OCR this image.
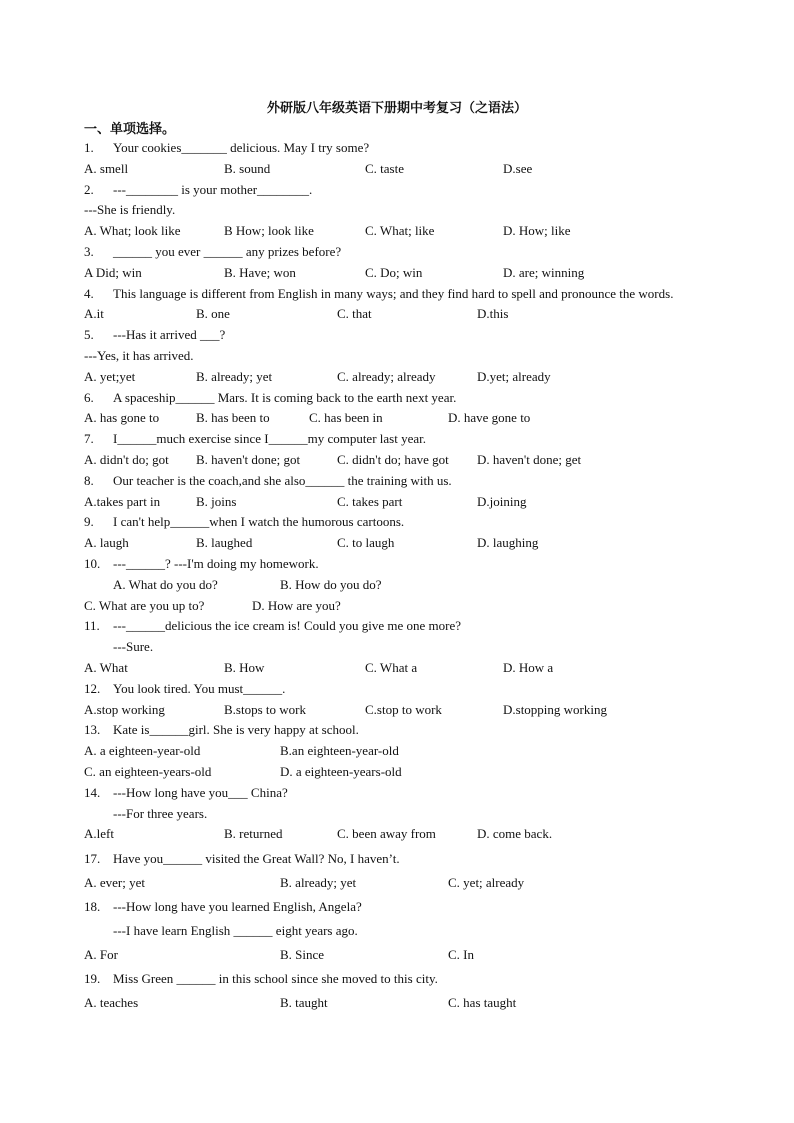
外研版八年级英语下册期中考复习（之语法）
一、单项选择。
1. Your cookies_______ delicious. May I try some?
A. smell	B. sound	C. taste	D.see
2. ---________ is your mother________.
---She is friendly.
A. What; look like	B How; look like	C. What; like	D. How; like
3. ______ you ever ______ any prizes before?
A Did; win	B. Have; won	C. Do; win	D. are; winning
4. This language is different from English in many ways; and they find hard to spell and pronounce the words.
A.it	B. one	C. that	D.this
5. ---Has it arrived ___?
---Yes, it has arrived.
A. yet;yet	B. already; yet	C. already; already	D.yet; already
6. A spaceship______ Mars. It is coming back to the earth next year.
A. has gone to	B. has been to	C. has been in	D. have gone to
7. I______much exercise since I______my computer last year.
A. didn't do; got B. haven't done; got	C. didn't do; have got D. haven't done; get
8. Our teacher is the coach,and she also______ the training with us.
A.takes part in	B. joins	C. takes part	D.joining
9. I can't help______when I watch the humorous cartoons.
A. laugh	B. laughed	C. to laugh	D. laughing
10. ---______? ---I'm doing my homework.
A. What do you do?	B. How do you do?
C. What are you up to?	D. How are you?
11. ---______delicious the ice cream is! Could you give me one more?
---Sure.
A. What	B. How	C. What a	D. How a
12. You look tired. You must______.
A.stop working	B.stops to work	C.stop to work	D.stopping working
13. Kate is______girl. She is very happy at school.
A. a eighteen-year-old	B.an eighteen-year-old
C. an eighteen-years-old	D. a eighteen-years-old
14. ---How long have you___ China?
---For three years.
A.left	B. returned	C. been away from	D. come back.
17. Have you______ visited the Great Wall? No, I haven’t.
A. ever; yet	B. already; yet	C. yet; already
18. ---How long have you learned English, Angela?
---I have learn English ______ eight years ago.
A. For	B. Since	C. In
19. Miss Green ______ in this school since she moved to this city.
A. teaches	B. taught	C. has taught
